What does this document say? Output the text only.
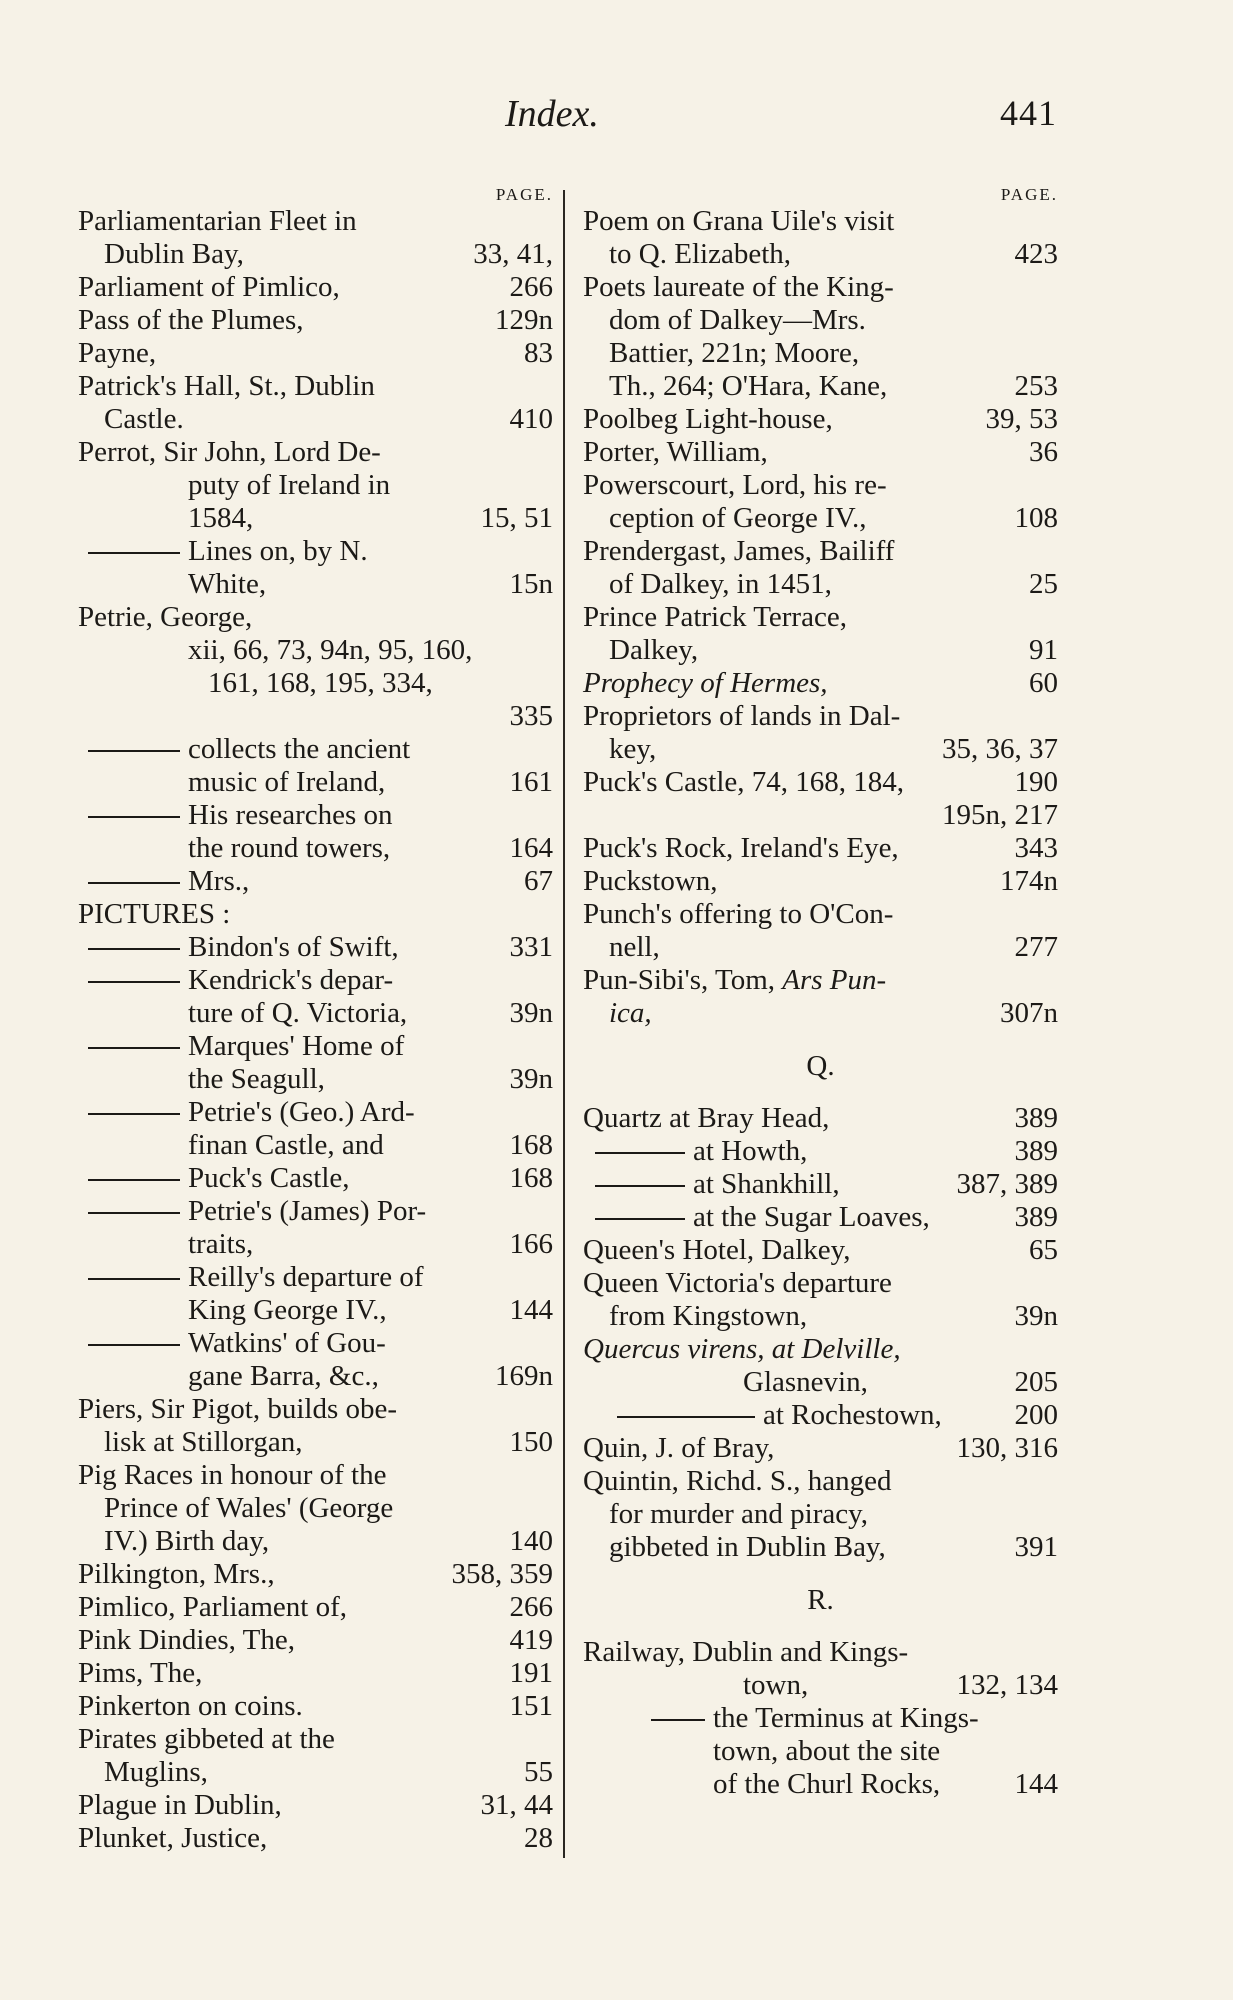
Index.	441
PAGE.
Parliamentarian Fleet in
Dublin Bay,	33, 41,
Parliament of Pimlico,	266
Pass of the Plumes,	129n
Payne,	83
Patrick's Hall, St., Dublin
Castle.	410
Perrot, Sir John, Lord De-
puty of Ireland in
1584,	15, 51
Lines on, by N.
White,	15n
Petrie, George,
xii, 66, 73, 94n, 95, 160,
161, 168, 195, 334,
335
collects the ancient
music of Ireland,	161
His researches on
the round towers,	164
Mrs.,	67
PICTURES :
Bindon's of Swift,	331
Kendrick's depar-
ture of Q. Victoria,	39n
Marques' Home of
the Seagull,	39n
Petrie's (Geo.) Ard-
finan Castle, and	168
Puck's Castle,	168
Petrie's (James) Por-
traits,	166
Reilly's departure of
King George IV.,	144
Watkins' of Gou-
gane Barra, &c.,	169n
Piers, Sir Pigot, builds obe-
lisk at Stillorgan,	150
Pig Races in honour of the
Prince of Wales' (George
IV.) Birth day,	140
Pilkington, Mrs.,	358, 359
Pimlico, Parliament of,	266
Pink Dindies, The,	419
Pims, The,	191
Pinkerton on coins.	151
Pirates gibbeted at the
Muglins,	55
Plague in Dublin,	31, 44
Plunket, Justice,	28
PAGE.
Poem on Grana Uile's visit
to Q. Elizabeth,	423
Poets laureate of the King-
dom of Dalkey—Mrs.
Battier, 221n; Moore,
Th., 264; O'Hara, Kane,	253
Poolbeg Light-house,	39, 53
Porter, William,	36
Powerscourt, Lord, his re-
ception of George IV.,	108
Prendergast, James, Bailiff
of Dalkey, in 1451,	25
Prince Patrick Terrace,
Dalkey,	91
Prophecy of Hermes,	60
Proprietors of lands in Dal-
key,	35, 36, 37
Puck's Castle, 74, 168, 184,	190
195n, 217
Puck's Rock, Ireland's Eye,	343
Puckstown,	174n
Punch's offering to O'Con-
nell,	277
Pun-Sibi's, Tom, Ars Pun-
ica,	307n
Q.
Quartz at Bray Head,	389
at Howth,	389
at Shankhill,	387, 389
at the Sugar Loaves,	389
Queen's Hotel, Dalkey,	65
Queen Victoria's departure
from Kingstown,	39n
Quercus virens, at Delville,
Glasnevin,	205
at Rochestown,	200
Quin, J. of Bray,	130, 316
Quintin, Richd. S., hanged
for murder and piracy,
gibbeted in Dublin Bay,	391
R.
Railway, Dublin and Kings-
town,	132, 134
the Terminus at Kings-
town, about the site
of the Churl Rocks,	144
